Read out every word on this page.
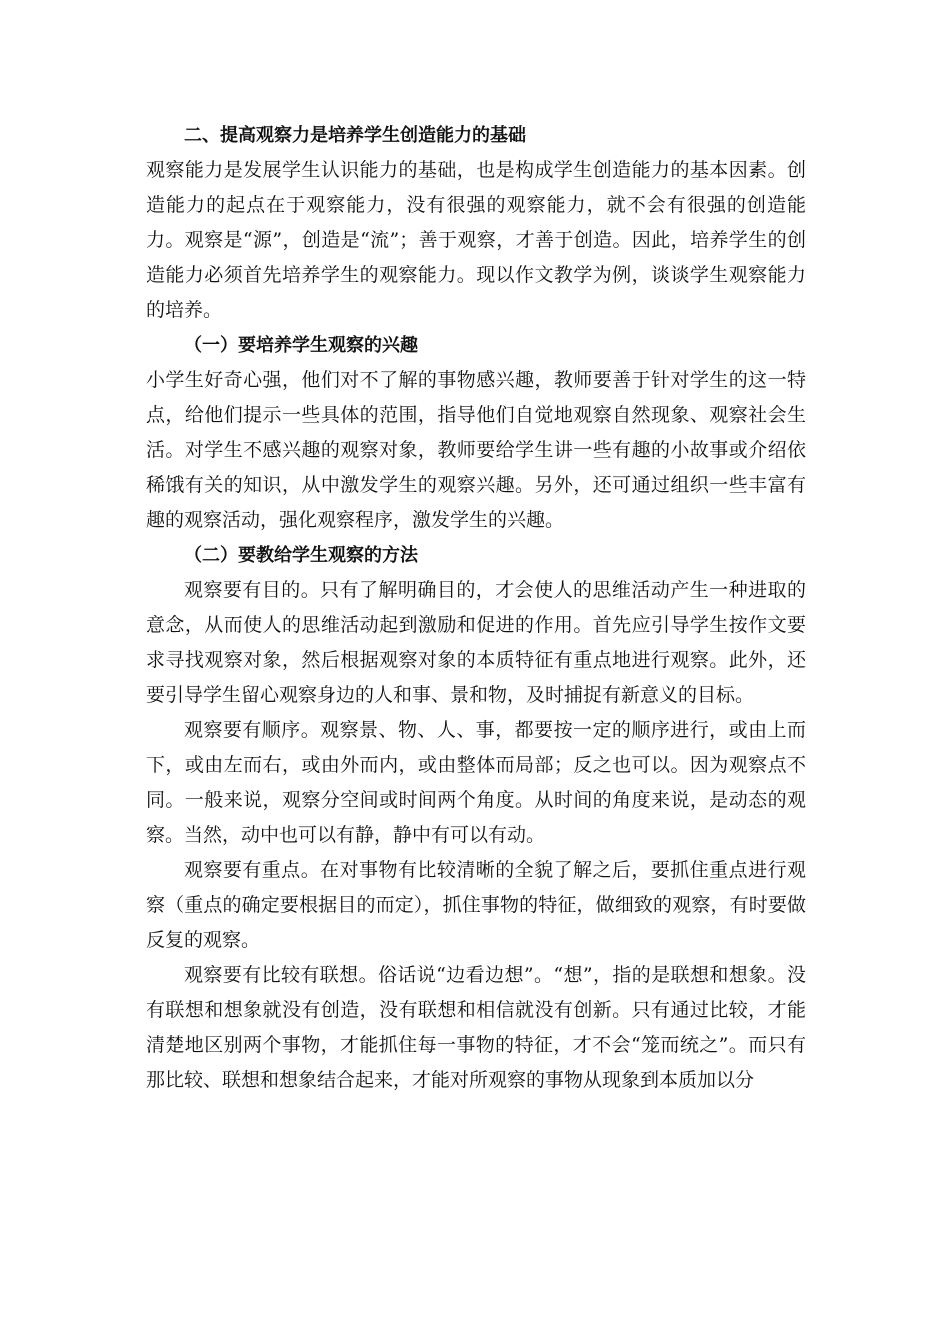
二、提高观察力是培养学生创造能力的基础

观察能力是发展学生认识能力的基础，也是构成学生创造能力的基本因素。创造能力的起点在于观察能力，没有很强的观察能力，就不会有很强的创造能力。观察是“源”，创造是“流”；善于观察，才善于创造。因此，培养学生的创造能力必须首先培养学生的观察能力。现以作文教学为例，谈谈学生观察能力的培养。

（一）要培养学生观察的兴趣

小学生好奇心强，他们对不了解的事物感兴趣，教师要善于针对学生的这一特点，给他们提示一些具体的范围，指导他们自觉地观察自然现象、观察社会生活。对学生不感兴趣的观察对象，教师要给学生讲一些有趣的小故事或介绍依稀饿有关的知识，从中激发学生的观察兴趣。另外，还可通过组织一些丰富有趣的观察活动，强化观察程序，激发学生的兴趣。

（二）要教给学生观察的方法

观察要有目的。只有了解明确目的，才会使人的思维活动产生一种进取的意念，从而使人的思维活动起到激励和促进的作用。首先应引导学生按作文要求寻找观察对象，然后根据观察对象的本质特征有重点地进行观察。此外，还要引导学生留心观察身边的人和事、景和物，及时捕捉有新意义的目标。

观察要有顺序。观察景、物、人、事，都要按一定的顺序进行，或由上而下，或由左而右，或由外而内，或由整体而局部；反之也可以。因为观察点不同。一般来说，观察分空间或时间两个角度。从时间的角度来说，是动态的观察。当然，动中也可以有静，静中有可以有动。

观察要有重点。在对事物有比较清晰的全貌了解之后，要抓住重点进行观察（重点的确定要根据目的而定），抓住事物的特征，做细致的观察，有时要做反复的观察。

观察要有比较有联想。俗话说“边看边想”。“想”，指的是联想和想象。没有联想和想象就没有创造，没有联想和相信就没有创新。只有通过比较，才能清楚地区别两个事物，才能抓住每一事物的特征，才不会“笼而统之”。而只有那比较、联想和想象结合起来，才能对所观察的事物从现象到本质加以分
